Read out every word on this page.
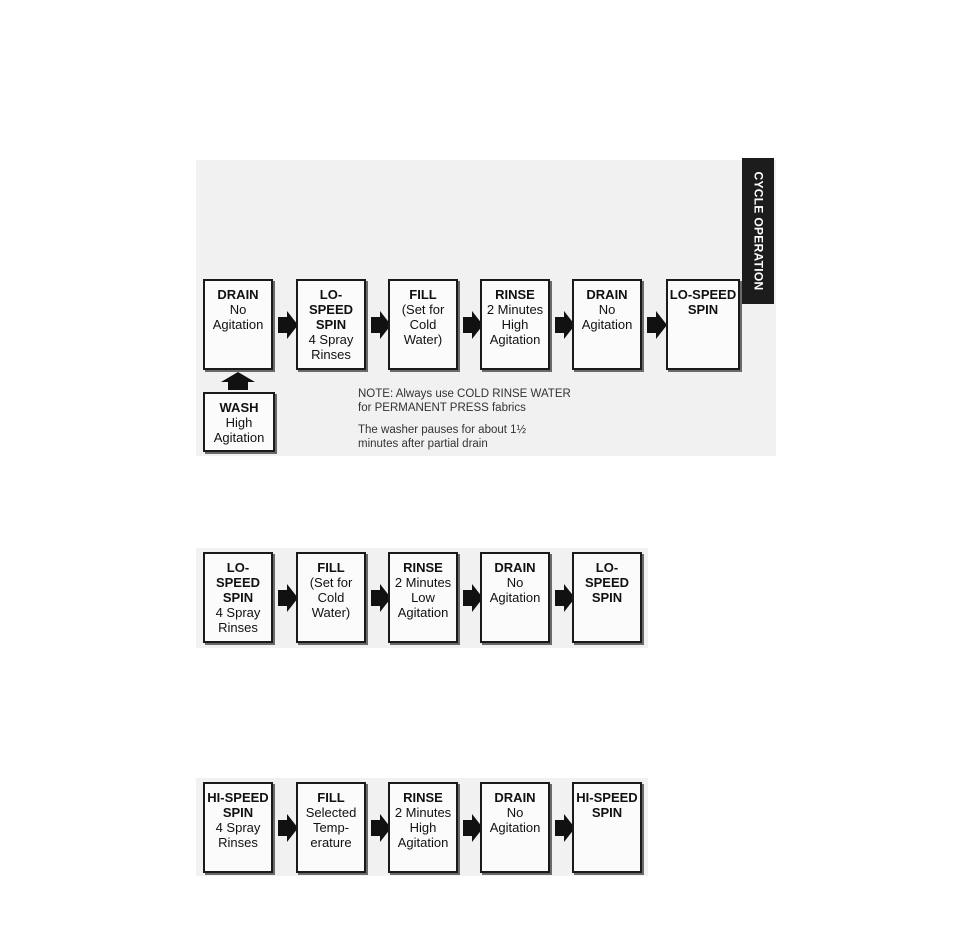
CYCLE OPERATION
DRAIN
No
Agitation
LO-SPEED
SPIN
4 Spray
Rinses
FILL
(Set for
Cold
Water)
RINSE
2 Minutes
High
Agitation
DRAIN
No
Agitation
LO-SPEED
SPIN
WASH
High
Agitation
LO-SPEED
SPIN
4 Spray
Rinses
FILL
(Set for
Cold
Water)
RINSE
2 Minutes
Low
Agitation
DRAIN
No
Agitation
LO-SPEED
SPIN
HI-SPEED
SPIN
4 Spray
Rinses
FILL
Selected
Temp-
erature
RINSE
2 Minutes
High
Agitation
DRAIN
No
Agitation
HI-SPEED
SPIN

NOTE: Always use COLD RINSE WATER
for PERMANENT PRESS fabrics

The washer pauses for about 1½
minutes after partial drain
